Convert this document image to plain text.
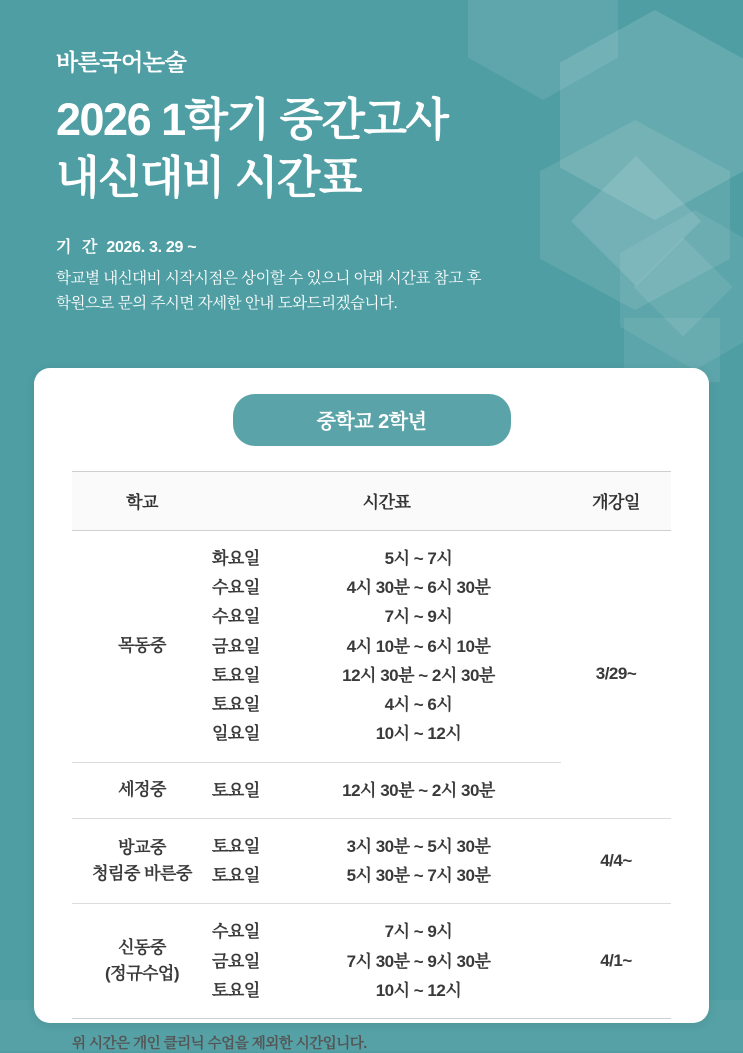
바른국어논술
2026 1학기 중간고사
내신대비 시간표
기 간 2026. 3. 29 ~
학교별 내신대비 시작시점은 상이할 수 있으니 아래 시간표 참고 후
학원으로 문의 주시면 자세한 안내 도와드리겠습니다.
중학교 2학년
학교	시간표	개강일

목동중

화요일	5시 ~ 7시
수요일	4시 30분 ~ 6시 30분
수요일	7시 ~ 9시
금요일	4시 10분 ~ 6시 10분
토요일	12시 30분 ~ 2시 30분
토요일	4시 ~ 6시
일요일	10시 ~ 12시
	3/29~

세정중	토요일 12시 30분 ~ 2시 30분	

방교중
청림중 바른중

토요일	3시 30분 ~ 5시 30분
토요일	5시 30분 ~ 7시 30분
	4/4~

신동중
(정규수업)

수요일	7시 ~ 9시
금요일	7시 30분 ~ 9시 30분
토요일	10시 ~ 12시
	4/1~
위 시간은 개인 클리닉 수업을 제외한 시간입니다.
